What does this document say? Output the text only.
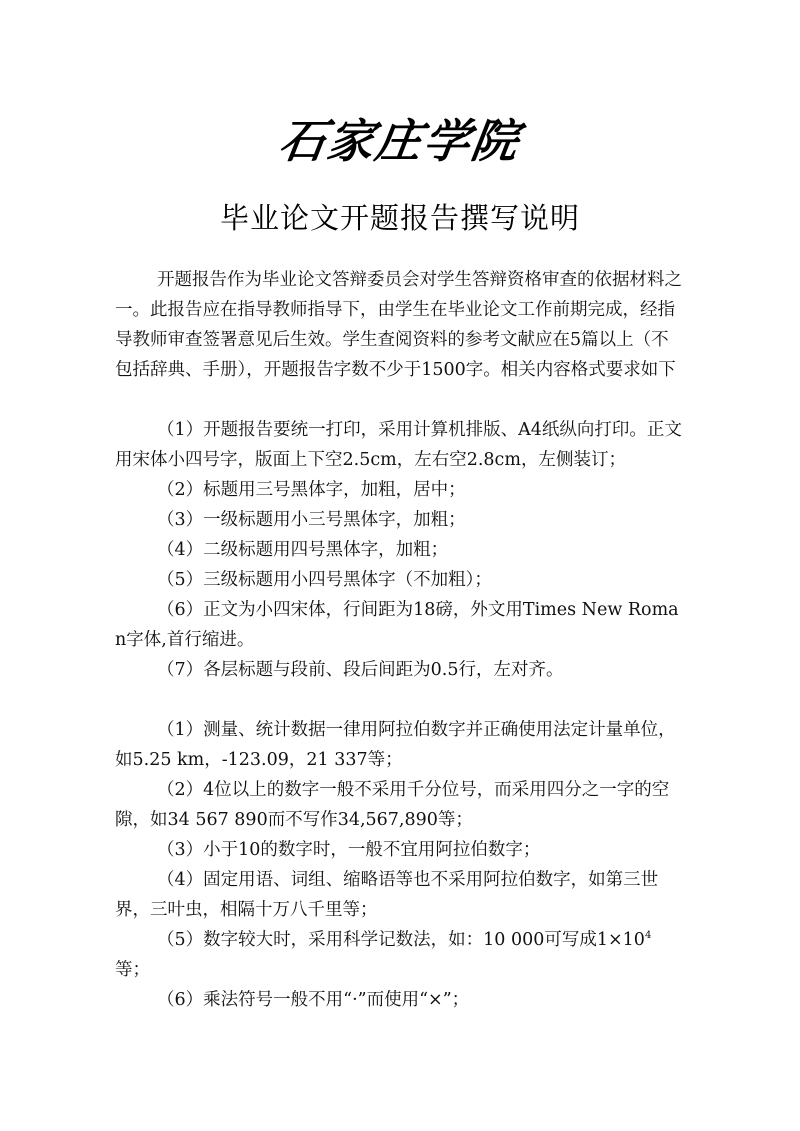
石家庄学院
毕业论文开题报告撰写说明

开题报告作为毕业论文答辩委员会对学生答辩资格审查的依据材料之一。此报告应在指导教师指导下，由学生在毕业论文工作前期完成，经指导教师审查签署意见后生效。学生查阅资料的参考文献应在5篇以上（不包括辞典、手册），开题报告字数不少于1500字。相关内容格式要求如下

（1）开题报告要统一打印，采用计算机排版、A4纸纵向打印。正文用宋体小四号字，版面上下空2.5cm，左右空2.8cm，左侧装订；

（2）标题用三号黑体字，加粗，居中；

（3）一级标题用小三号黑体字，加粗；

（4）二级标题用四号黑体字，加粗；

（5）三级标题用小四号黑体字（不加粗）；

（6）正文为小四宋体，行间距为18磅，外文用Times New Roman字体,首行缩进。

（7）各层标题与段前、段后间距为0.5行，左对齐。

（1）测量、统计数据一律用阿拉伯数字并正确使用法定计量单位，如5.25 km，-123.09，21 337等；

（2）4位以上的数字一般不采用千分位号，而采用四分之一字的空隙，如34 567 890而不写作34,567,890等；

（3）小于10的数字时，一般不宜用阿拉伯数字；

（4）固定用语、词组、缩略语等也不采用阿拉伯数字，如第三世界，三叶虫，相隔十万八千里等；

（5）数字较大时，采用科学记数法，如：10 000可写成$1\times 10^4$等；

（6）乘法符号一般不用“·”而使用“×”；
